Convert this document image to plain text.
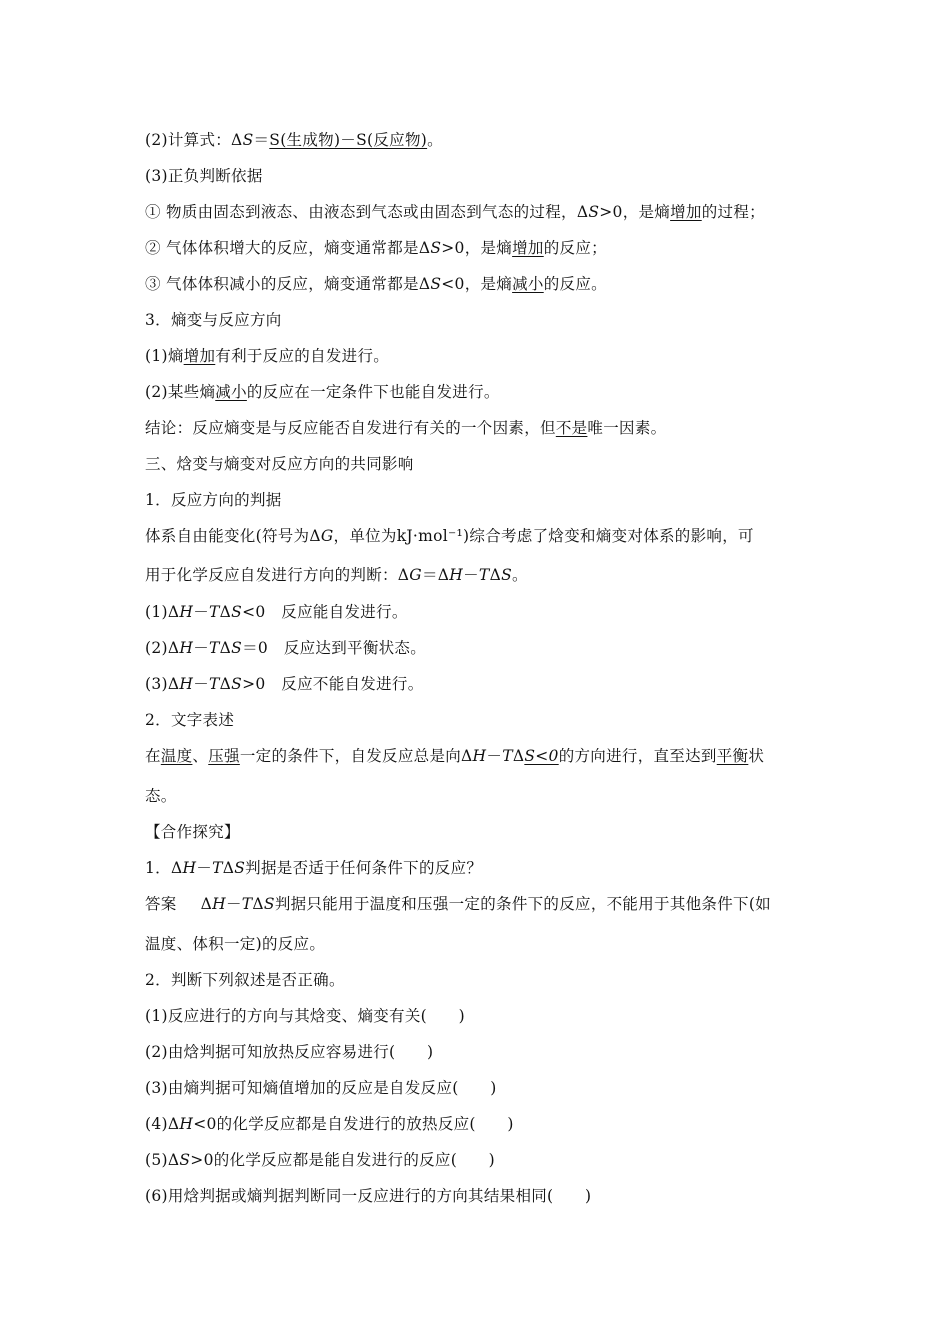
(2)计算式：ΔS＝S(生成物)－S(反应物)。
(3)正负判断依据
① 物质由固态到液态、由液态到气态或由固态到气态的过程，ΔS>0，是熵增加的过程；
② 气体体积增大的反应，熵变通常都是ΔS>0，是熵增加的反应；
③ 气体体积减小的反应，熵变通常都是ΔS<0，是熵减小的反应。
3．熵变与反应方向
(1)熵增加有利于反应的自发进行。
(2)某些熵减小的反应在一定条件下也能自发进行。
结论：反应熵变是与反应能否自发进行有关的一个因素，但不是唯一因素。
三、焓变与熵变对反应方向的共同影响
1．反应方向的判据
体系自由能变化(符号为ΔG，单位为kJ·mol⁻¹)综合考虑了焓变和熵变对体系的影响，可
用于化学反应自发进行方向的判断：ΔG＝ΔH－TΔS。
(1)ΔH－TΔS<0　反应能自发进行。
(2)ΔH－TΔS＝0　反应达到平衡状态。
(3)ΔH－TΔS>0　反应不能自发进行。
2．文字表述
在温度、压强一定的条件下，自发反应总是向ΔH－TΔS<0的方向进行，直至达到平衡状
态。
【合作探究】
1．ΔH－TΔS判据是否适于任何条件下的反应？
答案 ΔH－TΔS判据只能用于温度和压强一定的条件下的反应，不能用于其他条件下(如
温度、体积一定)的反应。
2．判断下列叙述是否正确。
(1)反应进行的方向与其焓变、熵变有关(　　)
(2)由焓判据可知放热反应容易进行(　　)
(3)由熵判据可知熵值增加的反应是自发反应(　　)
(4)ΔH<0的化学反应都是自发进行的放热反应(　　)
(5)ΔS>0的化学反应都是能自发进行的反应(　　)
(6)用焓判据或熵判据判断同一反应进行的方向其结果相同(　　)
